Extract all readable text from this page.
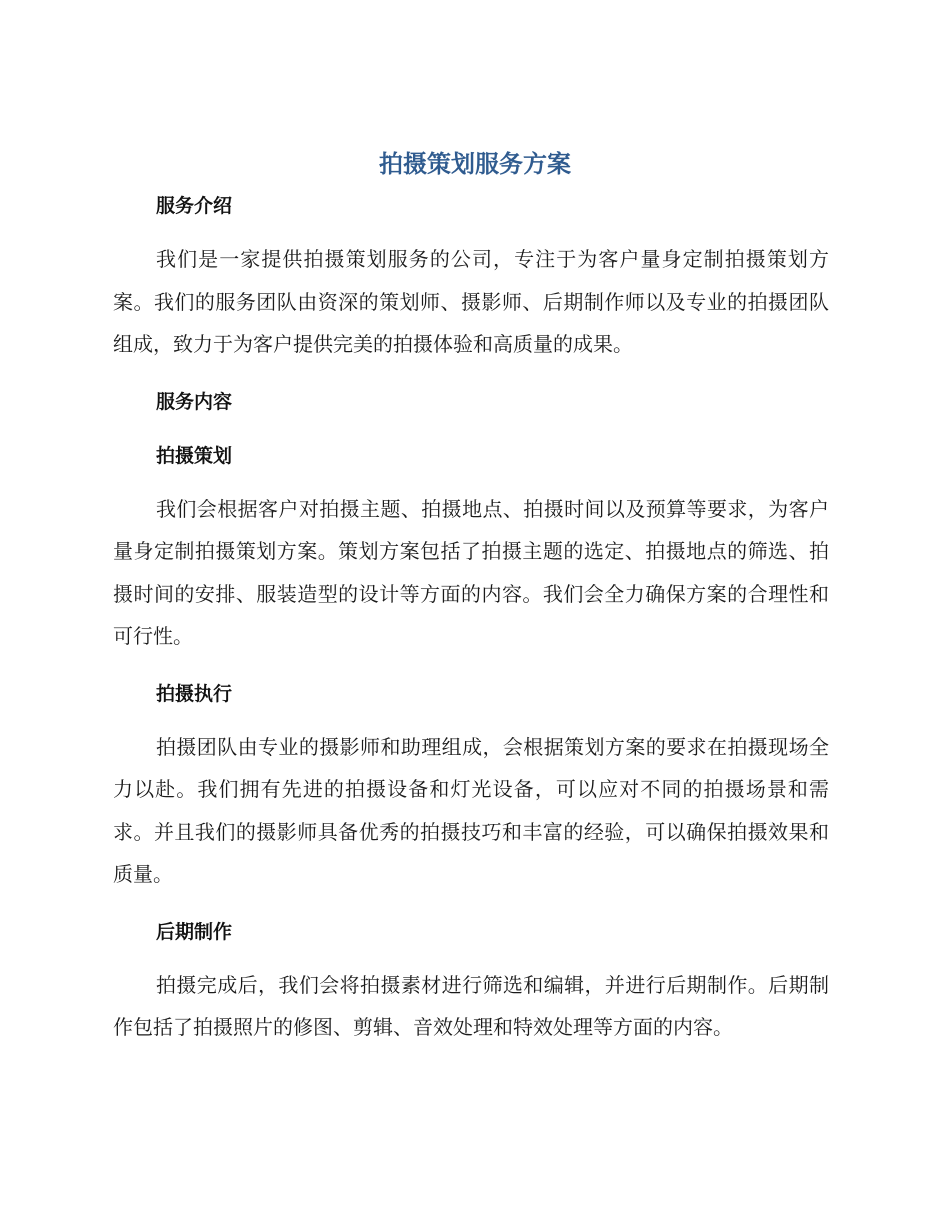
拍摄策划服务方案
服务介绍

我们是一家提供拍摄策划服务的公司，专注于为客户量身定制拍摄策划方案。我们的服务团队由资深的策划师、摄影师、后期制作师以及专业的拍摄团队组成，致力于为客户提供完美的拍摄体验和高质量的成果。

服务内容
拍摄策划

我们会根据客户对拍摄主题、拍摄地点、拍摄时间以及预算等要求，为客户量身定制拍摄策划方案。策划方案包括了拍摄主题的选定、拍摄地点的筛选、拍摄时间的安排、服装造型的设计等方面的内容。我们会全力确保方案的合理性和可行性。

拍摄执行

拍摄团队由专业的摄影师和助理组成，会根据策划方案的要求在拍摄现场全力以赴。我们拥有先进的拍摄设备和灯光设备，可以应对不同的拍摄场景和需求。并且我们的摄影师具备优秀的拍摄技巧和丰富的经验，可以确保拍摄效果和质量。

后期制作

拍摄完成后，我们会将拍摄素材进行筛选和编辑，并进行后期制作。后期制作包括了拍摄照片的修图、剪辑、音效处理和特效处理等方面的内容。
